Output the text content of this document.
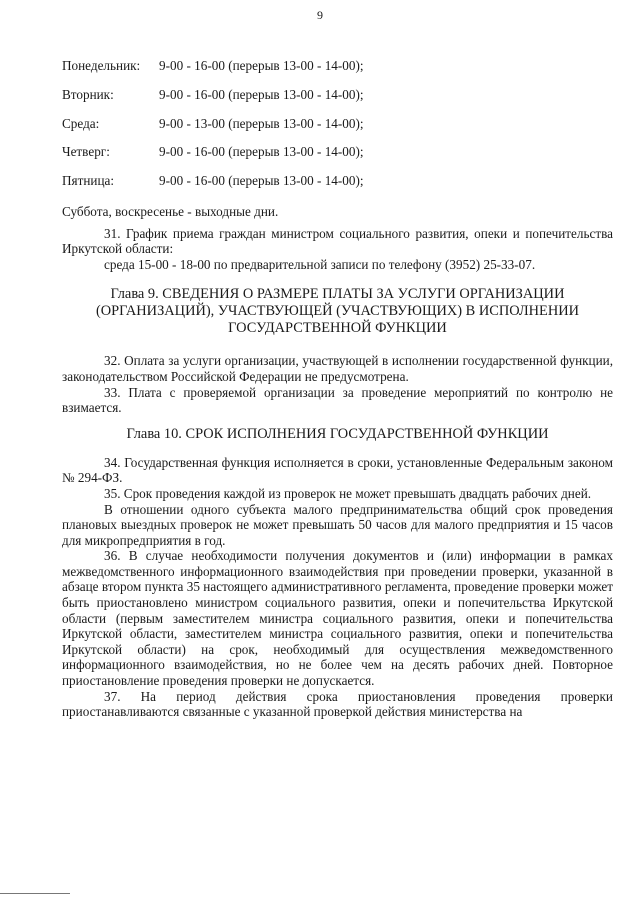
9
Понедельник:	9-00 - 16-00 (перерыв 13-00 - 14-00);
Вторник:	9-00 - 16-00 (перерыв 13-00 - 14-00);
Среда:	9-00 - 13-00 (перерыв 13-00 - 14-00);
Четверг:	9-00 - 16-00 (перерыв 13-00 - 14-00);
Пятница:	9-00 - 16-00 (перерыв 13-00 - 14-00);

Суббота, воскресенье - выходные дни.

31. График приема граждан министром социального развития, опеки и попечительства Иркутской области:

среда 15-00 - 18-00 по предварительной записи по телефону (3952) 25-33-07.

Глава 9. СВЕДЕНИЯ О РАЗМЕРЕ ПЛАТЫ ЗА УСЛУГИ ОРГАНИЗАЦИИ
(ОРГАНИЗАЦИЙ), УЧАСТВУЮЩЕЙ (УЧАСТВУЮЩИХ) В ИСПОЛНЕНИИ
ГОСУДАРСТВЕННОЙ ФУНКЦИИ

32. Оплата за услуги организации, участвующей в исполнении государственной функции, законодательством Российской Федерации не предусмотрена.

33. Плата с проверяемой организации за проведение мероприятий по контролю не взимается.

Глава 10. СРОК ИСПОЛНЕНИЯ ГОСУДАРСТВЕННОЙ ФУНКЦИИ

34. Государственная функция исполняется в сроки, установленные Федеральным законом № 294-ФЗ.

35. Срок проведения каждой из проверок не может превышать двадцать рабочих дней.

В отношении одного субъекта малого предпринимательства общий срок проведения плановых выездных проверок не может превышать 50 часов для малого предприятия и 15 часов для микропредприятия в год.

36. В случае необходимости получения документов и (или) информации в рамках межведомственного информационного взаимодействия при проведении проверки, указанной в абзаце втором пункта 35 настоящего административного регламента, проведение проверки может быть приостановлено министром социального развития, опеки и попечительства Иркутской области (первым заместителем министра социального развития, опеки и попечительства Иркутской области, заместителем министра социального развития, опеки и попечительства Иркутской области) на срок, необходимый для осуществления межведомственного информационного взаимодействия, но не более чем на десять рабочих дней. Повторное приостановление проведения проверки не допускается.

37. На период действия срока приостановления проведения проверки приостанавливаются связанные с указанной проверкой действия министерства на
